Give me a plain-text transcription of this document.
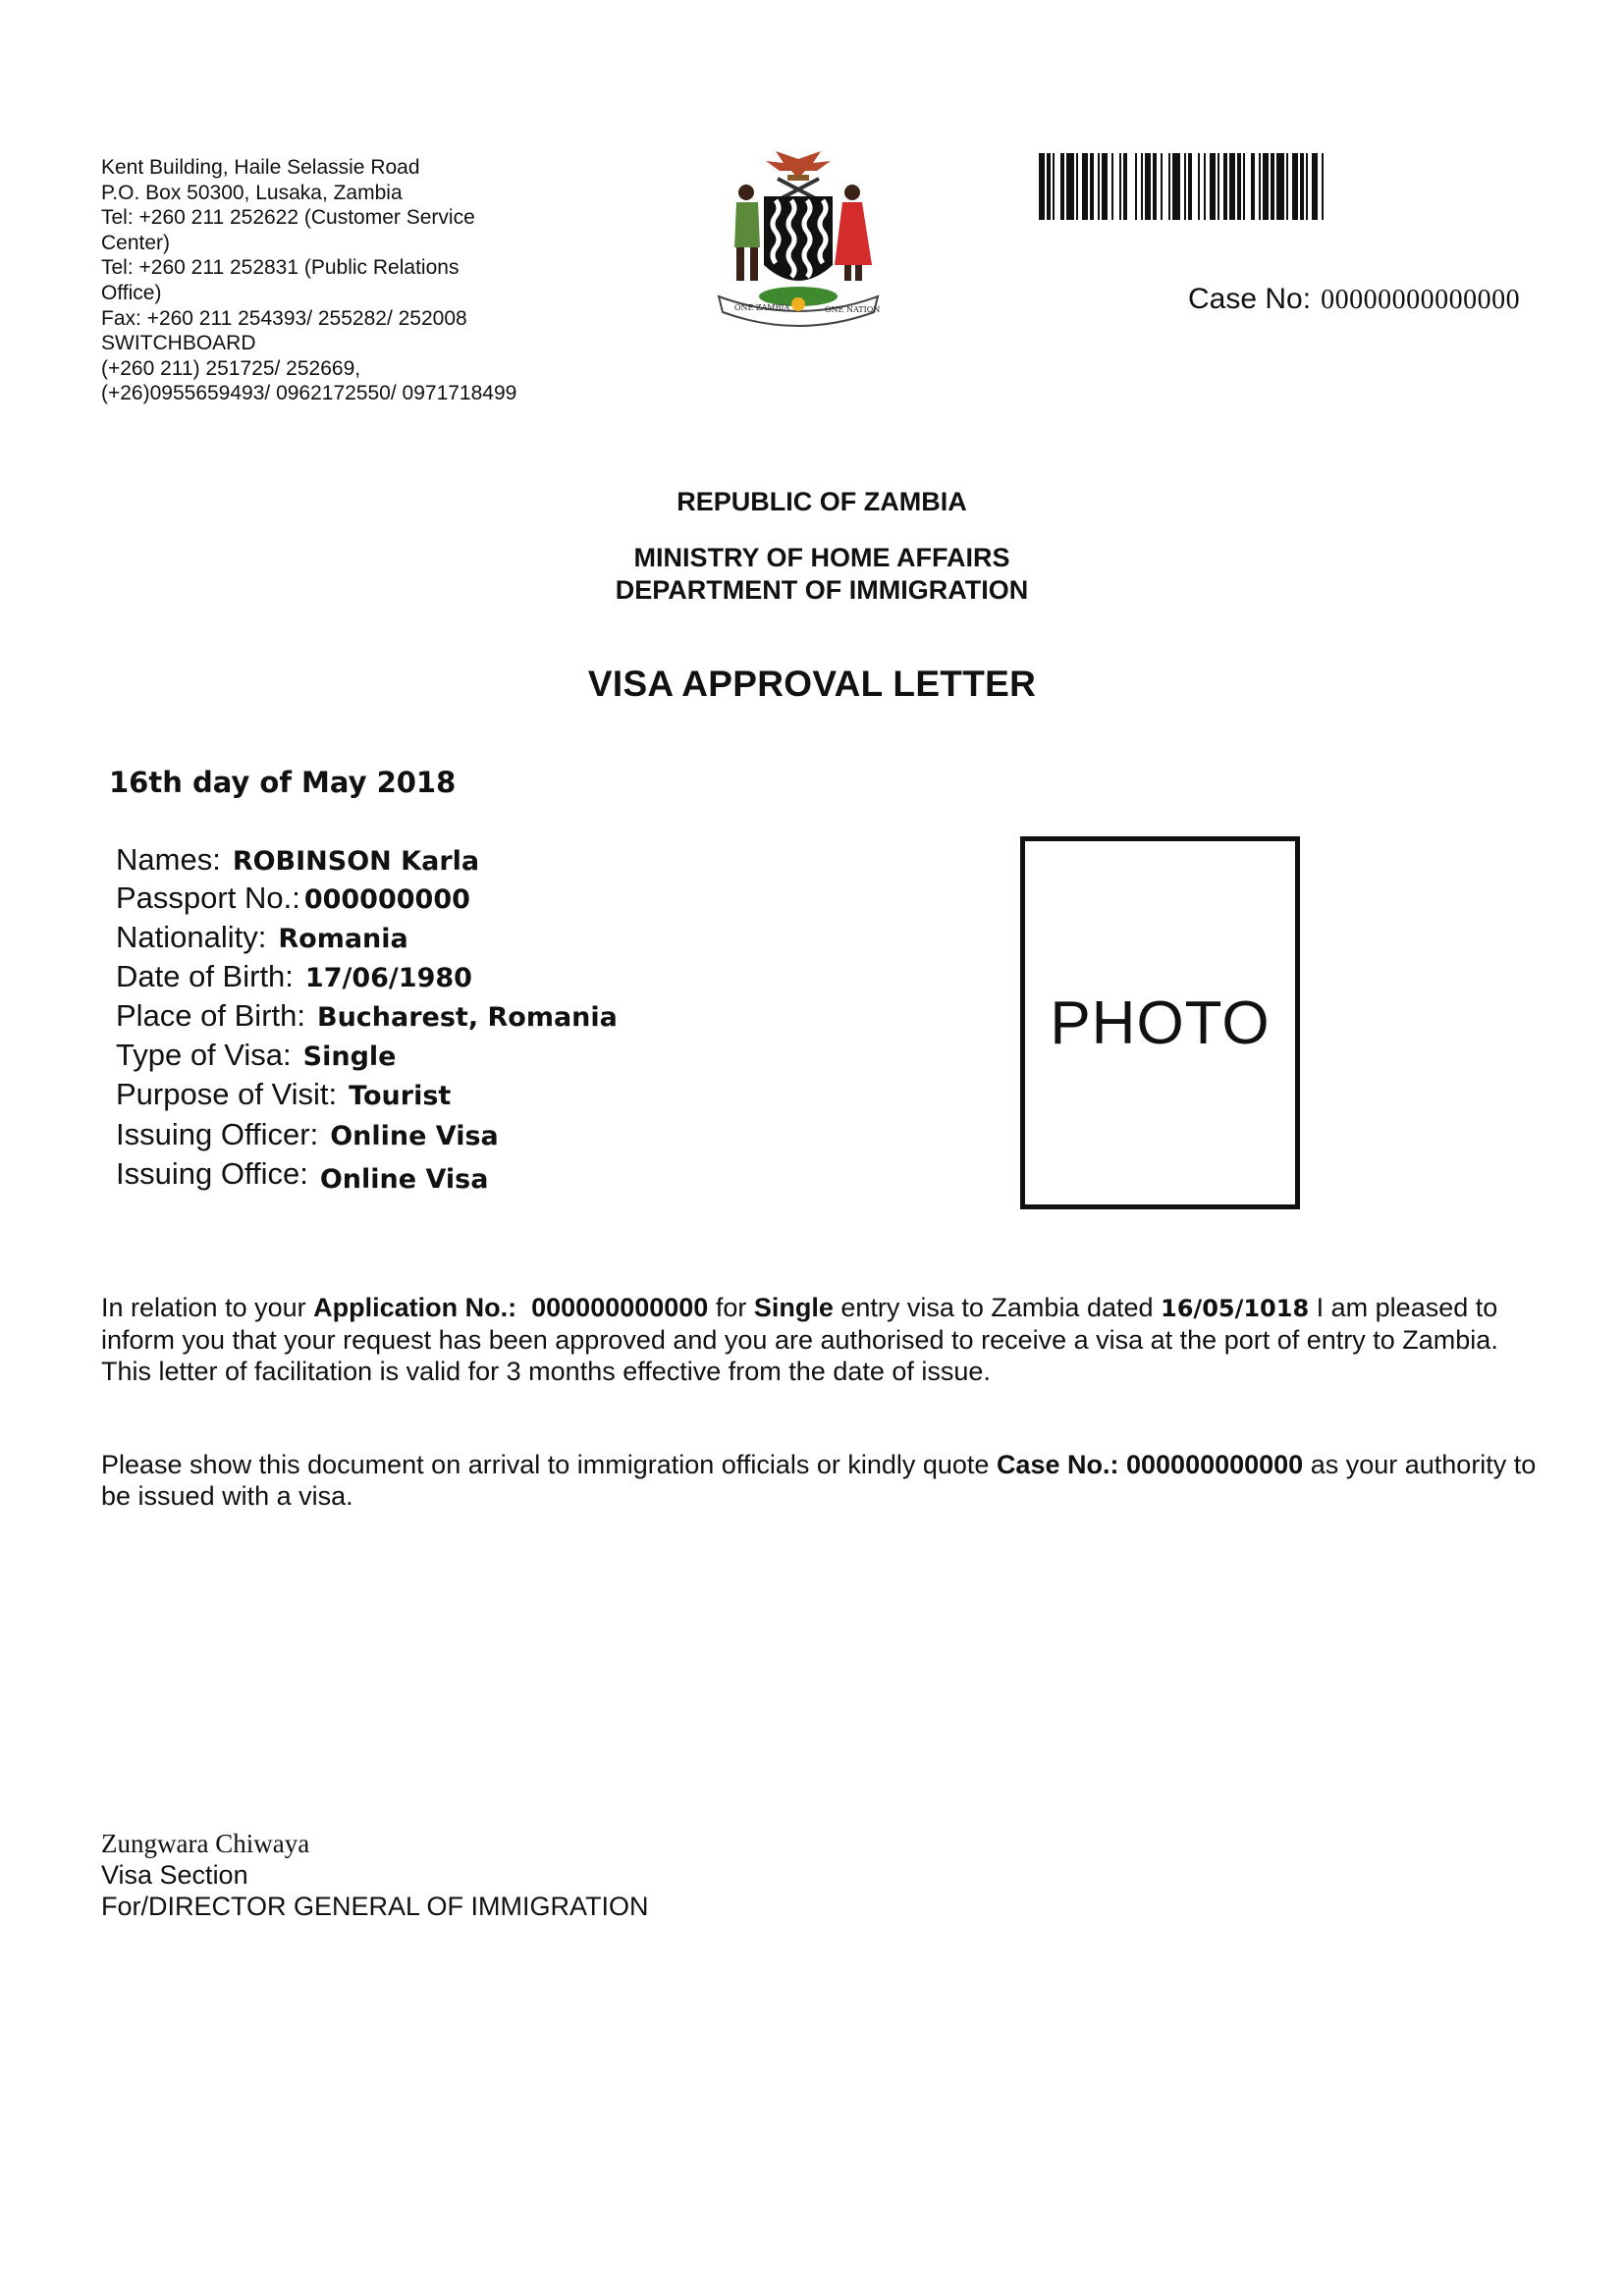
Kent Building, Haile Selassie Road
P.O. Box 50300, Lusaka, Zambia
Tel: +260 211 252622 (Customer Service
Center)
Tel: +260 211 252831 (Public Relations
Office)
Fax: +260 211 254393/ 255282/ 252008
SWITCHBOARD
(+260 211) 251725/ 252669,
(+26)0955659493/ 0962172550/ 0971718499
ONE ZAMBIA	ONE NATION	Case No: 00000000000000
REPUBLIC OF ZAMBIA
MINISTRY OF HOME AFFAIRS
DEPARTMENT OF IMMIGRATION
VISA APPROVAL LETTER
16th day of May 2018
Names: ROBINSON Karla
Passport No.: 000000000
Nationality: Romania
Date of Birth: 17/06/1980
Place of Birth: Bucharest, Romania
Type of Visa: Single
Purpose of Visit: Tourist
Issuing Officer: Online Visa
Issuing Office: Online Visa
PHOTO
In relation to your Application No.: 000000000000 for Single entry visa to Zambia dated 16/05/1018 I am pleased to inform you that your request has been approved and you are authorised to receive a visa at the port of entry to Zambia.
This letter of facilitation is valid for 3 months effective from the date of issue.
Please show this document on arrival to immigration officials or kindly quote Case No.: 000000000000 as your authority to be issued with a visa.
Zungwara Chiwaya
Visa Section
For/DIRECTOR GENERAL OF IMMIGRATION
